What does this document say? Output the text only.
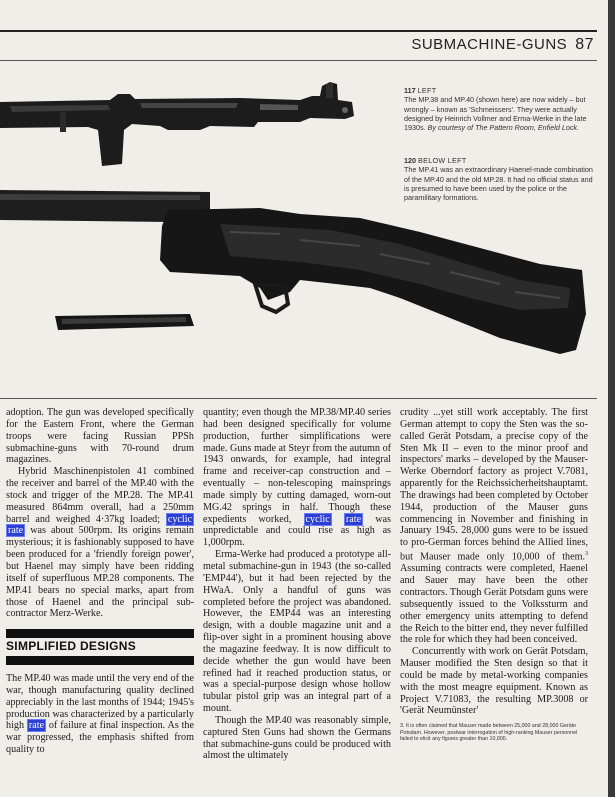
SUBMACHINE-GUNS 87
117 LEFT
The MP.38 and MP.40 (shown here) are now widely – but wrongly – known as 'Schmeissers'. They were actually designed by Heinrich Vollmer and Erma-Werke in the late 1930s. By courtesy of The Pattern Room, Enfield Lock.
120 BELOW LEFT
The MP.41 was an extraordinary Haenel-made combination of the MP.40 and the old MP.28. It had no official status and is presumed to have been used by the police or the paramilitary formations.

adoption. The gun was developed specifically for the Eastern Front, where the German troops were facing Russian PPSh submachine-guns with 70-round drum magazines.

Hybrid Maschinenpistolen 41 combined the receiver and barrel of the MP.40 with the stock and trigger of the MP.28. The MP.41 measured 864mm overall, had a 250mm barrel and weighed 4·37kg loaded; cyclic rate was about 500rpm. Its origins remain mysterious; it is fashionably supposed to have been produced for a 'friendly foreign power', but Haenel may simply have been ridding itself of superfluous MP.28 components. The MP.41 bears no special marks, apart from those of Haenel and the principal sub-contractor Merz-Werke.

SIMPLIFIED DESIGNS

The MP.40 was made until the very end of the war, though manufacturing quality declined appreciably in the last months of 1944; 1945's production was characterized by a particularly high rate of failure at final inspection. As the war progressed, the emphasis shifted from quality to

quantity; even though the MP.38/MP.40 series had been designed specifically for volume production, further simplifications were made. Guns made at Steyr from the autumn of 1943 onwards, for example, had integral frame and receiver-cap construction and – eventually – non-telescoping mainsprings made simply by cutting damaged, worn-out MG.42 springs in half. Though these expedients worked, cyclic rate was unpredictable and could rise as high as 1,000rpm.

Erma-Werke had produced a prototype all-metal submachine-gun in 1943 (the so-called 'EMP44'), but it had been rejected by the HWaA. Only a handful of guns was completed before the project was abandoned. However, the EMP44 was an interesting design, with a double magazine unit and a flip-over sight in a prominent housing above the magazine feedway. It is now difficult to decide whether the gun would have been refined had it reached production status, or was a special-purpose design whose hollow tubular pistol grip was an integral part of a mount.

Though the MP.40 was reasonably simple, captured Sten Guns had shown the Germans that submachine-guns could be produced with almost the ultimately

crudity ...yet still work acceptably. The first German attempt to copy the Sten was the so-called Gerät Potsdam, a precise copy of the Sten Mk II – even to the minor proof and inspectors' marks – developed by the Mauser-Werke Oberndorf factory as project V.7081, apparently for the Reichssicherheitshauptamt. The drawings had been completed by October 1944, production of the Mauser guns commencing in November and finishing in January 1945. 28,000 guns were to be issued to pro-German forces behind the Allied lines, but Mauser made only 10,000 of them.$^3$ Assuming contracts were completed, Haenel and Sauer may have been the other contractors. Though Gerät Potsdam guns were subsequently issued to the Volkssturm and other emergency units attempting to defend the Reich to the bitter end, they never fulfilled the role for which they had been conceived.

Concurrently with work on Gerät Potsdam, Mauser modified the Sten design so that it could be made by metal-working companies with the most meagre equipment. Known as Project V.71083, the resulting MP.3008 or 'Gerät Neumünster'

3. It is often claimed that Mauser made between 25,000 and 28,000 Geräte Potsdam. However, postwar interrogation of high-ranking Mauser personnel failed to elicit any figures greater than 10,000.
